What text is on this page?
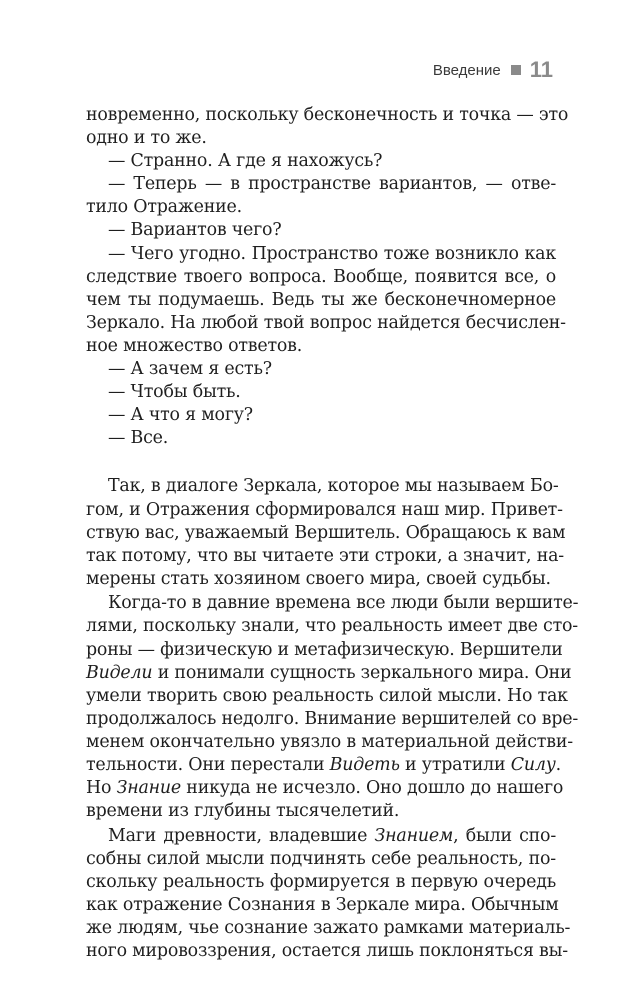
Введение 11
новременно, поскольку бесконечность и точка — это
одно и то же.
— Странно. А где я нахожусь?
— Теперь — в пространстве вариантов, — отве-
тило Отражение.
— Вариантов чего?
— Чего угодно. Пространство тоже возникло как
следствие твоего вопроса. Вообще, появится все, о
чем ты подумаешь. Ведь ты же бесконечномерное
Зеркало. На любой твой вопрос найдется бесчислен-
ное множество ответов.
— А зачем я есть?
— Чтобы быть.
— А что я могу?
— Все.
Так, в диалоге Зеркала, которое мы называем Бо-
гом, и Отражения сформировался наш мир. Привет-
ствую вас, уважаемый Вершитель. Обращаюсь к вам
так потому, что вы читаете эти строки, а значит, на-
мерены стать хозяином своего мира, своей судьбы.
Когда-то в давние времена все люди были вершите-
лями, поскольку знали, что реальность имеет две сто-
роны — физическую и метафизическую. Вершители
Видели и понимали сущность зеркального мира. Они
умели творить свою реальность силой мысли. Но так
продолжалось недолго. Внимание вершителей со вре-
менем окончательно увязло в материальной действи-
тельности. Они перестали Видеть и утратили Силу.
Но Знание никуда не исчезло. Оно дошло до нашего
времени из глубины тысячелетий.
Маги древности, владевшие Знанием, были спо-
собны силой мысли подчинять себе реальность, по-
скольку реальность формируется в первую очередь
как отражение Сознания в Зеркале мира. Обычным
же людям, чье сознание зажато рамками материаль-
ного мировоззрения, остается лишь поклоняться вы-
